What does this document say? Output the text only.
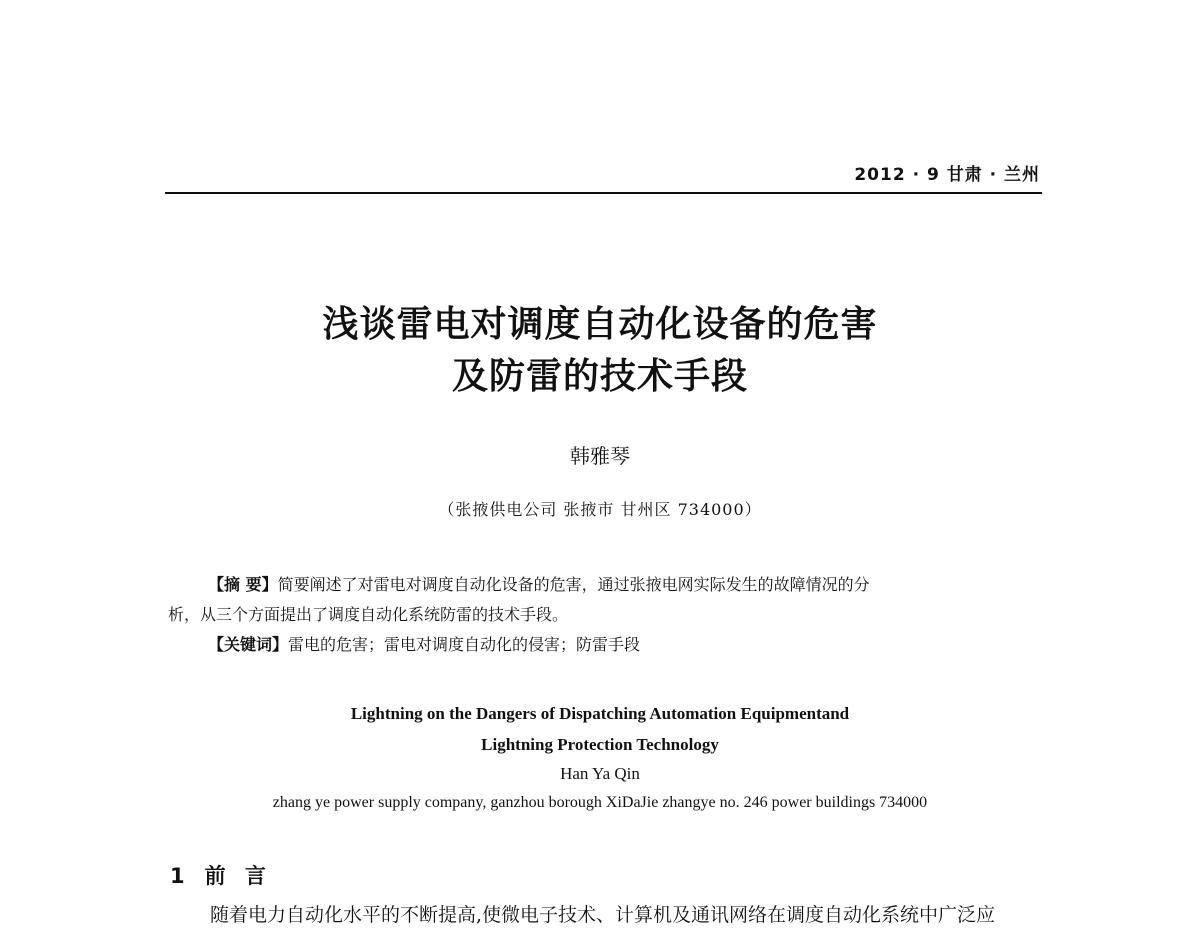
2012 · 9 甘肃 · 兰州
浅谈雷电对调度自动化设备的危害
及防雷的技术手段
韩雅琴
（张掖供电公司 张掖市 甘州区 734000）
【摘 要】简要阐述了对雷电对调度自动化设备的危害，通过张掖电网实际发生的故障情况的分
析，从三个方面提出了调度自动化系统防雷的技术手段。
【关键词】雷电的危害；雷电对调度自动化的侵害；防雷手段
Lightning on the Dangers of Dispatching Automation Equipmentand
Lightning Protection Technology
Han Ya Qin
zhang ye power supply company, ganzhou borough XiDaJie zhangye no. 246 power buildings 734000
1 前 言
随着电力自动化水平的不断提高,使微电子技术、计算机及通讯网络在调度自动化系统中广泛应
